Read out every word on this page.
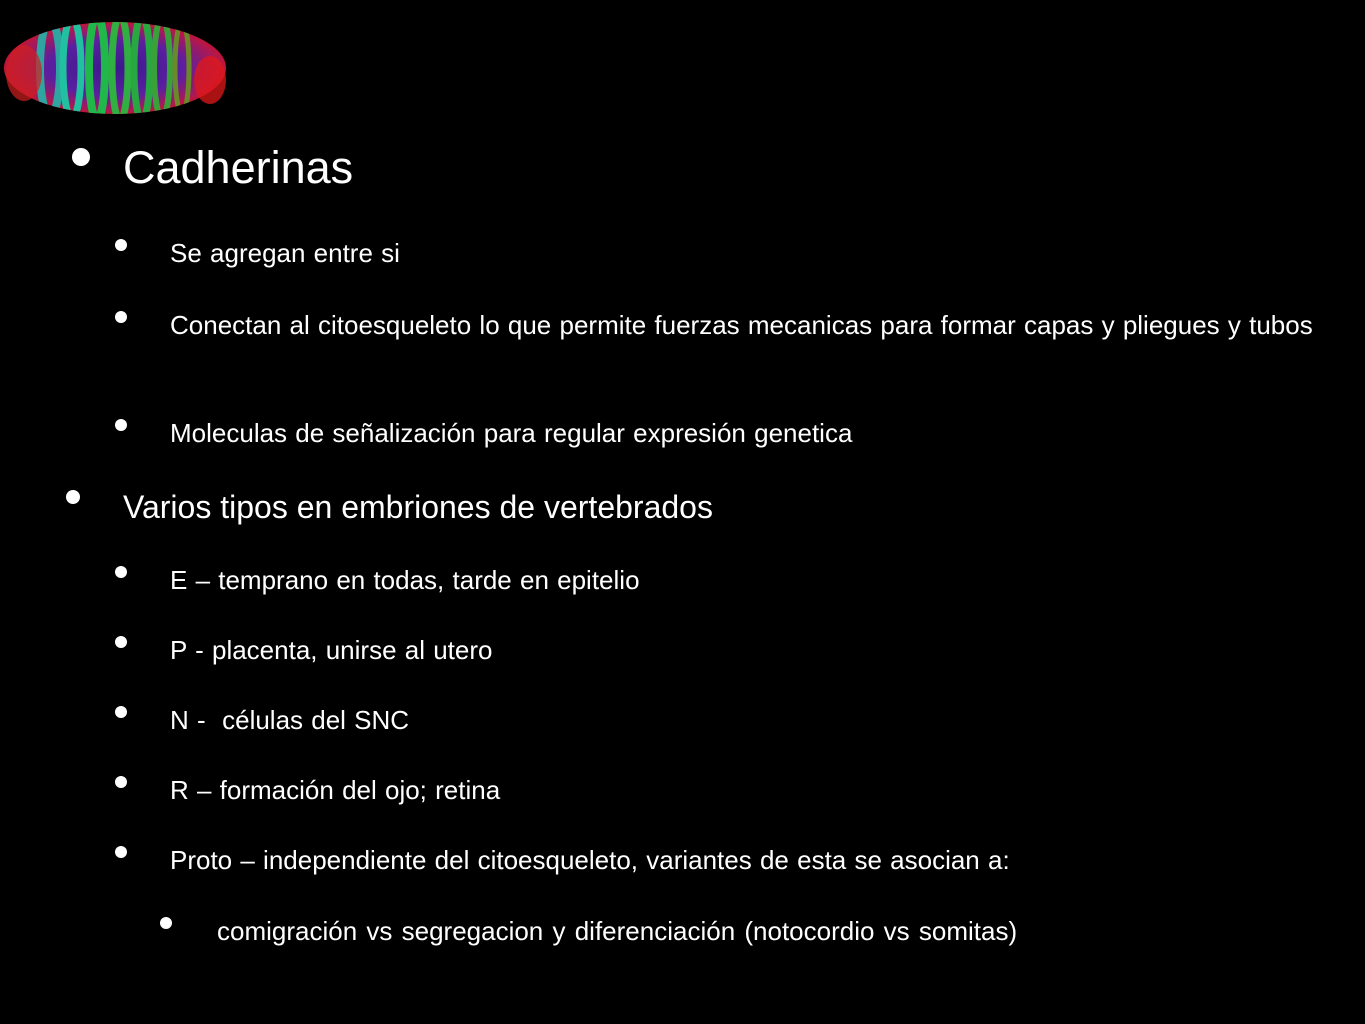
Cadherinas
Se agregan entre si
Conectan al citoesqueleto lo que permite fuerzas mecanicas para formar capas y pliegues y tubos
Moleculas de señalización para regular expresión genetica
Varios tipos en embriones de vertebrados
E – temprano en todas, tarde en epitelio
P - placenta, unirse al utero
N -  células del SNC
R – formación del ojo; retina
Proto – independiente del citoesqueleto, variantes de esta se asocian a:
comigración vs segregacion y diferenciación (notocordio vs somitas)
